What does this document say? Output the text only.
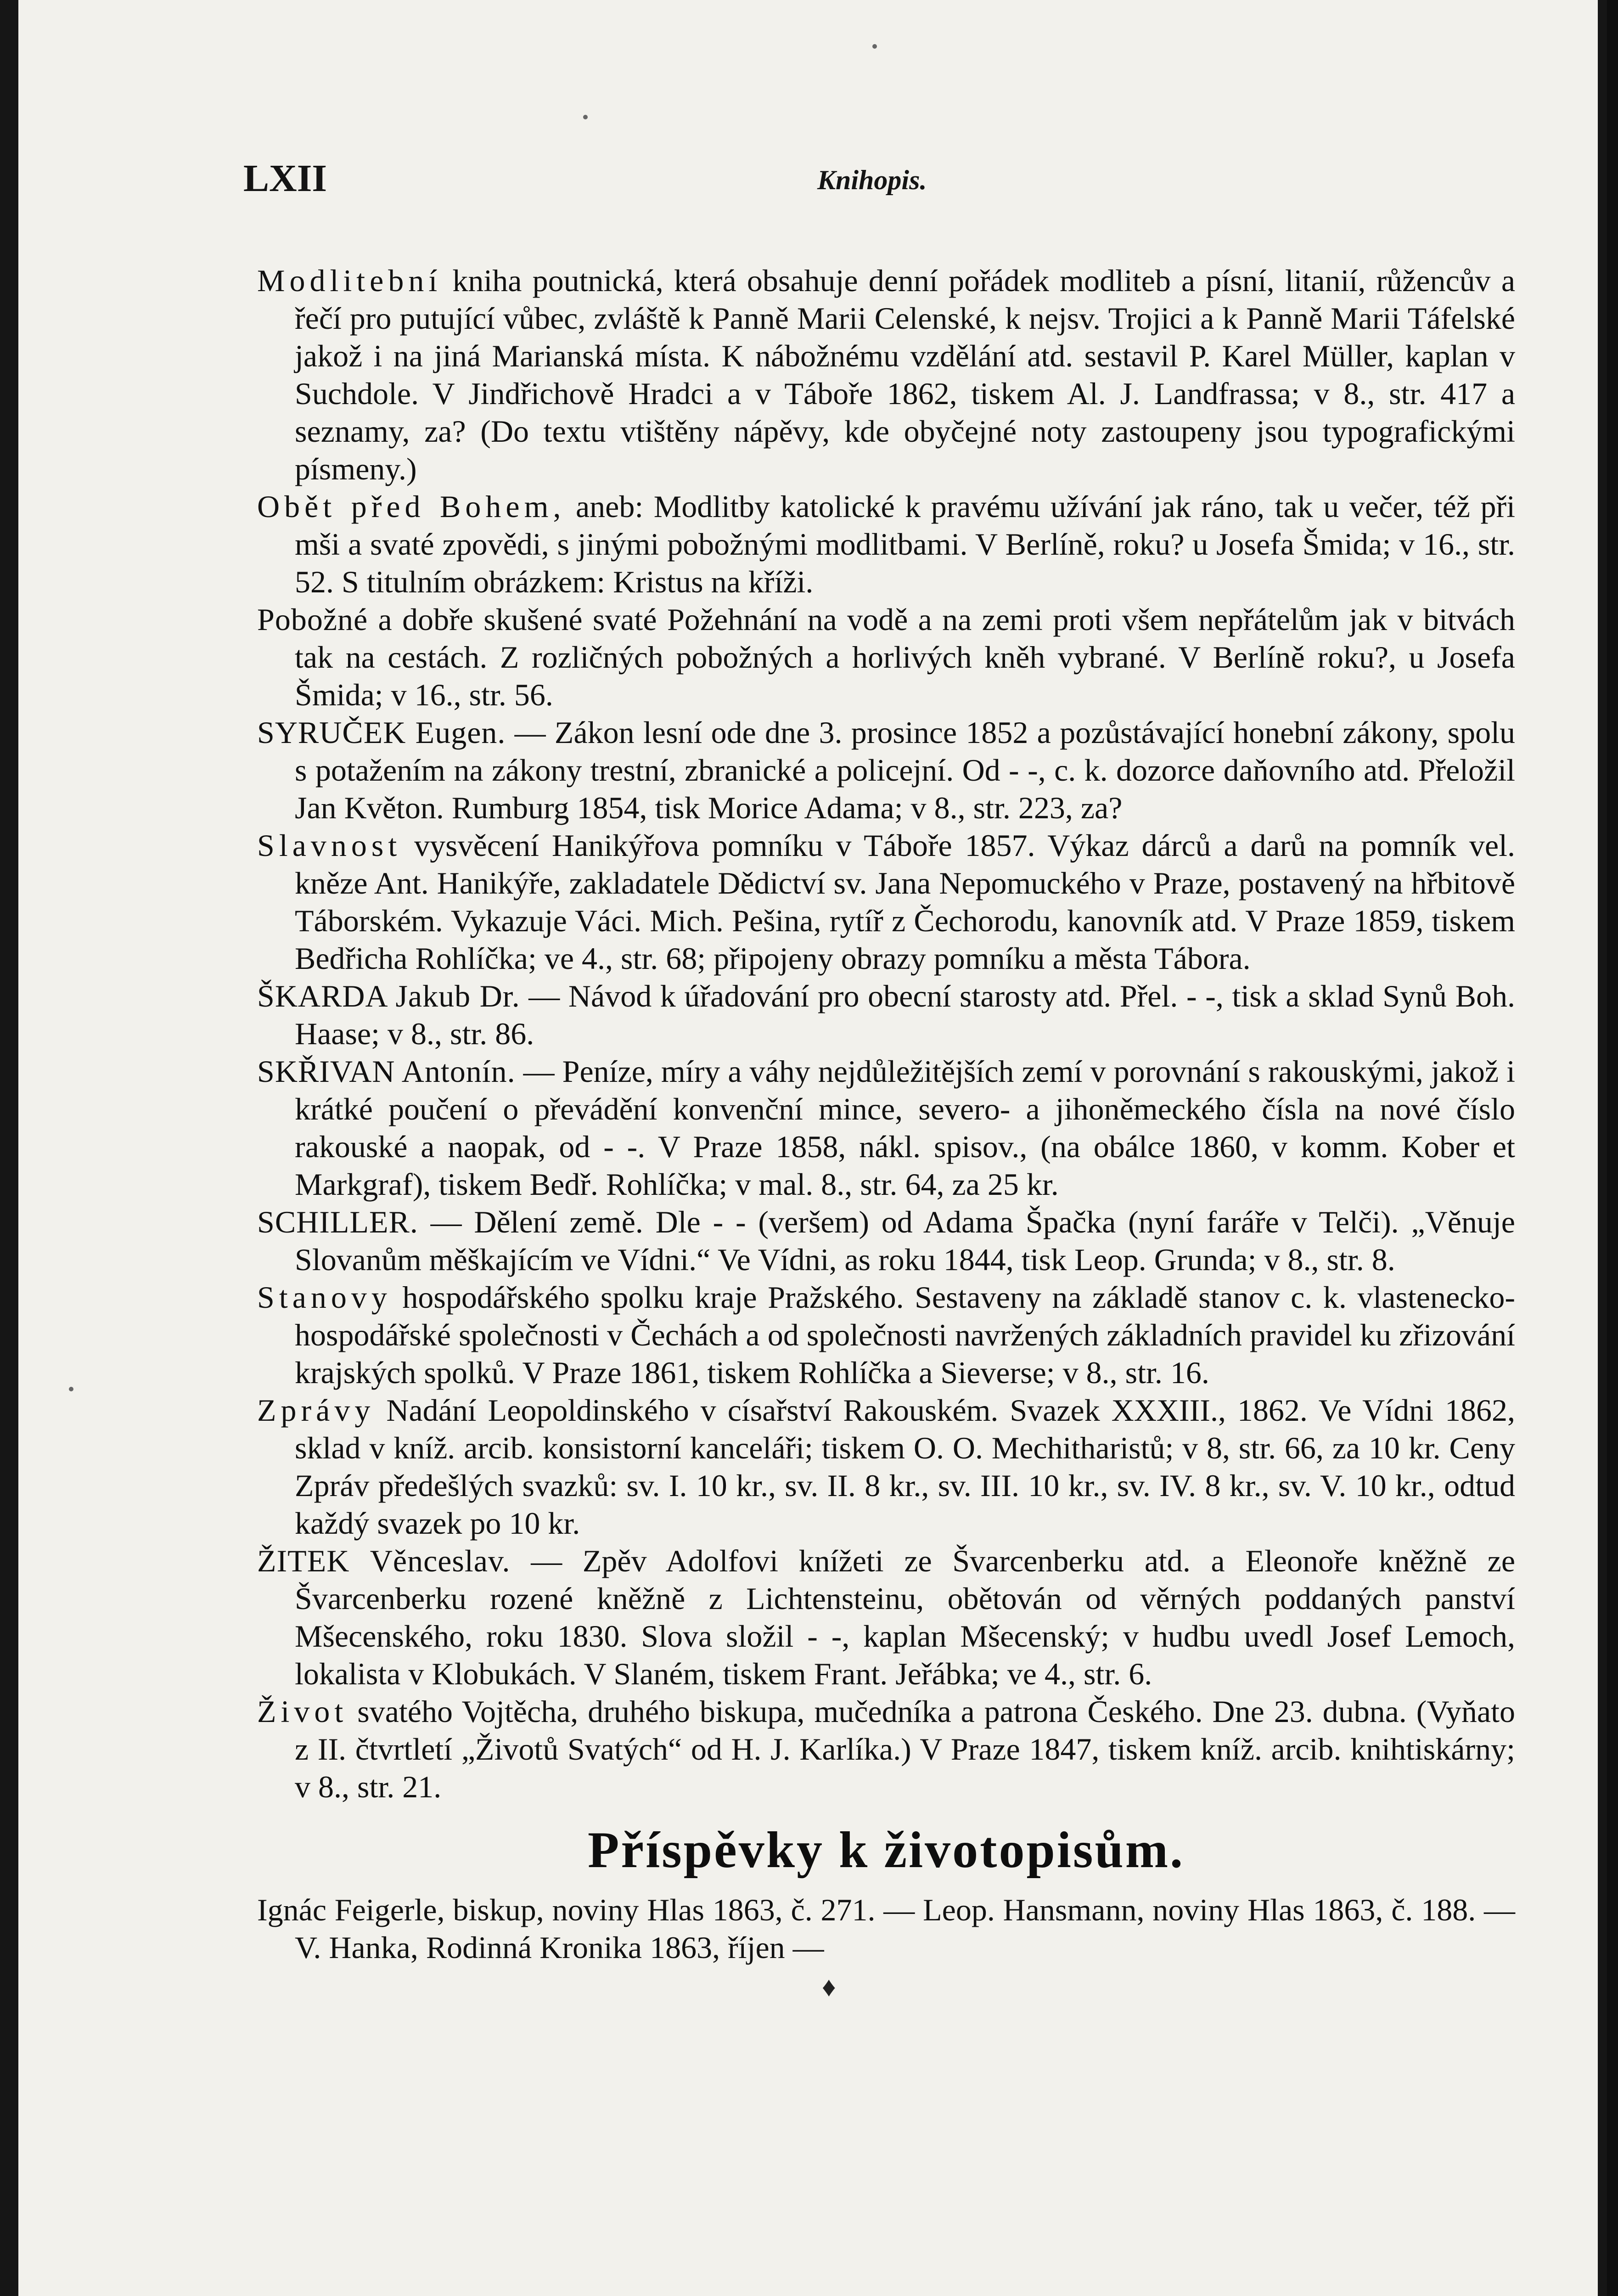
LXII	Knihopis.

Modlitební kniha poutnická, která obsahuje denní pořádek modliteb a písní, litanií, růžencův a řečí pro putující vůbec, zvláště k Panně Marii Celenské, k nejsv. Trojici a k Panně Marii Táfelské jakož i na jiná Marianská místa. K nábožnému vzdělání atd. sestavil P. Karel Müller, kaplan v Suchdole. V Jindřichově Hradci a v Táboře 1862, tiskem Al. J. Landfrassa; v 8., str. 417 a seznamy, za? (Do textu vtištěny nápěvy, kde obyčejné noty zastoupeny jsou typografickými písmeny.)

Obět před Bohem, aneb: Modlitby katolické k pravému užívání jak ráno, tak u večer, též při mši a svaté zpovědi, s jinými pobožnými modlitbami. V Berlíně, roku? u Josefa Šmida; v 16., str. 52. S titulním obrázkem: Kristus na kříži.

Pobožné a dobře skušené svaté Požehnání na vodě a na zemi proti všem nepřátelům jak v bitvách tak na cestách. Z rozličných pobožných a horlivých kněh vybrané. V Berlíně roku?, u Josefa Šmida; v 16., str. 56.

SYRUČEK Eugen. — Zákon lesní ode dne 3. prosince 1852 a pozůstávající honební zákony, spolu s potažením na zákony trestní, zbranické a policejní. Od - -, c. k. dozorce daňovního atd. Přeložil Jan Květon. Rumburg 1854, tisk Morice Adama; v 8., str. 223, za?

Slavnost vysvěcení Hanikýřova pomníku v Táboře 1857. Výkaz dárců a darů na pomník vel. kněze Ant. Hanikýře, zakladatele Dědictví sv. Jana Nepomuckého v Praze, postavený na hřbitově Táborském. Vykazuje Váci. Mich. Pešina, rytíř z Čechorodu, kanovník atd. V Praze 1859, tiskem Bedřicha Rohlíčka; ve 4., str. 68; připojeny obrazy pomníku a města Tábora.

ŠKARDA Jakub Dr. — Návod k úřadování pro obecní starosty atd. Přel. - -, tisk a sklad Synů Boh. Haase; v 8., str. 86.

SKŘIVAN Antonín. — Peníze, míry a váhy nejdůležitějších zemí v porovnání s rakouskými, jakož i krátké poučení o převádění konvenční mince, severo- a jihoněmeckého čísla na nové číslo rakouské a naopak, od - -. V Praze 1858, nákl. spisov., (na obálce 1860, v komm. Kober et Markgraf), tiskem Bedř. Rohlíčka; v mal. 8., str. 64, za 25 kr.

SCHILLER. — Dělení země. Dle - - (veršem) od Adama Špačka (nyní faráře v Telči). „Věnuje Slovanům měškajícím ve Vídni.“ Ve Vídni, as roku 1844, tisk Leop. Grunda; v 8., str. 8.

Stanovy hospodářského spolku kraje Pražského. Sestaveny na základě stanov c. k. vlastenecko-hospodářské společnosti v Čechách a od společnosti navržených základních pravidel ku zřizování krajských spolků. V Praze 1861, tiskem Rohlíčka a Sieverse; v 8., str. 16.

Zprávy Nadání Leopoldinského v císařství Rakouském. Svazek XXXIII., 1862. Ve Vídni 1862, sklad v kníž. arcib. konsistorní kanceláři; tiskem O. O. Mechitharistů; v 8, str. 66, za 10 kr. Ceny Zpráv předešlých svazků: sv. I. 10 kr., sv. II. 8 kr., sv. III. 10 kr., sv. IV. 8 kr., sv. V. 10 kr., odtud každý svazek po 10 kr.

ŽITEK Věnceslav. — Zpěv Adolfovi knížeti ze Švarcenberku atd. a Eleonoře kněžně ze Švarcenberku rozené kněžně z Lichtensteinu, obětován od věrných poddaných panství Mšecenského, roku 1830. Slova složil - -, kaplan Mšecenský; v hudbu uvedl Josef Lemoch, lokalista v Klobukách. V Slaném, tiskem Frant. Jeřábka; ve 4., str. 6.

Život svatého Vojtěcha, druhého biskupa, mučedníka a patrona Českého. Dne 23. dubna. (Vyňato z II. čtvrtletí „Životů Svatých“ od H. J. Karlíka.) V Praze 1847, tiskem kníž. arcib. knihtiskárny; v 8., str. 21.

Příspěvky k životopisům.

Ignác Feigerle, biskup, noviny Hlas 1863, č. 271. — Leop. Hansmann, noviny Hlas 1863, č. 188. — V. Hanka, Rodinná Kronika 1863, říjen —

♦
